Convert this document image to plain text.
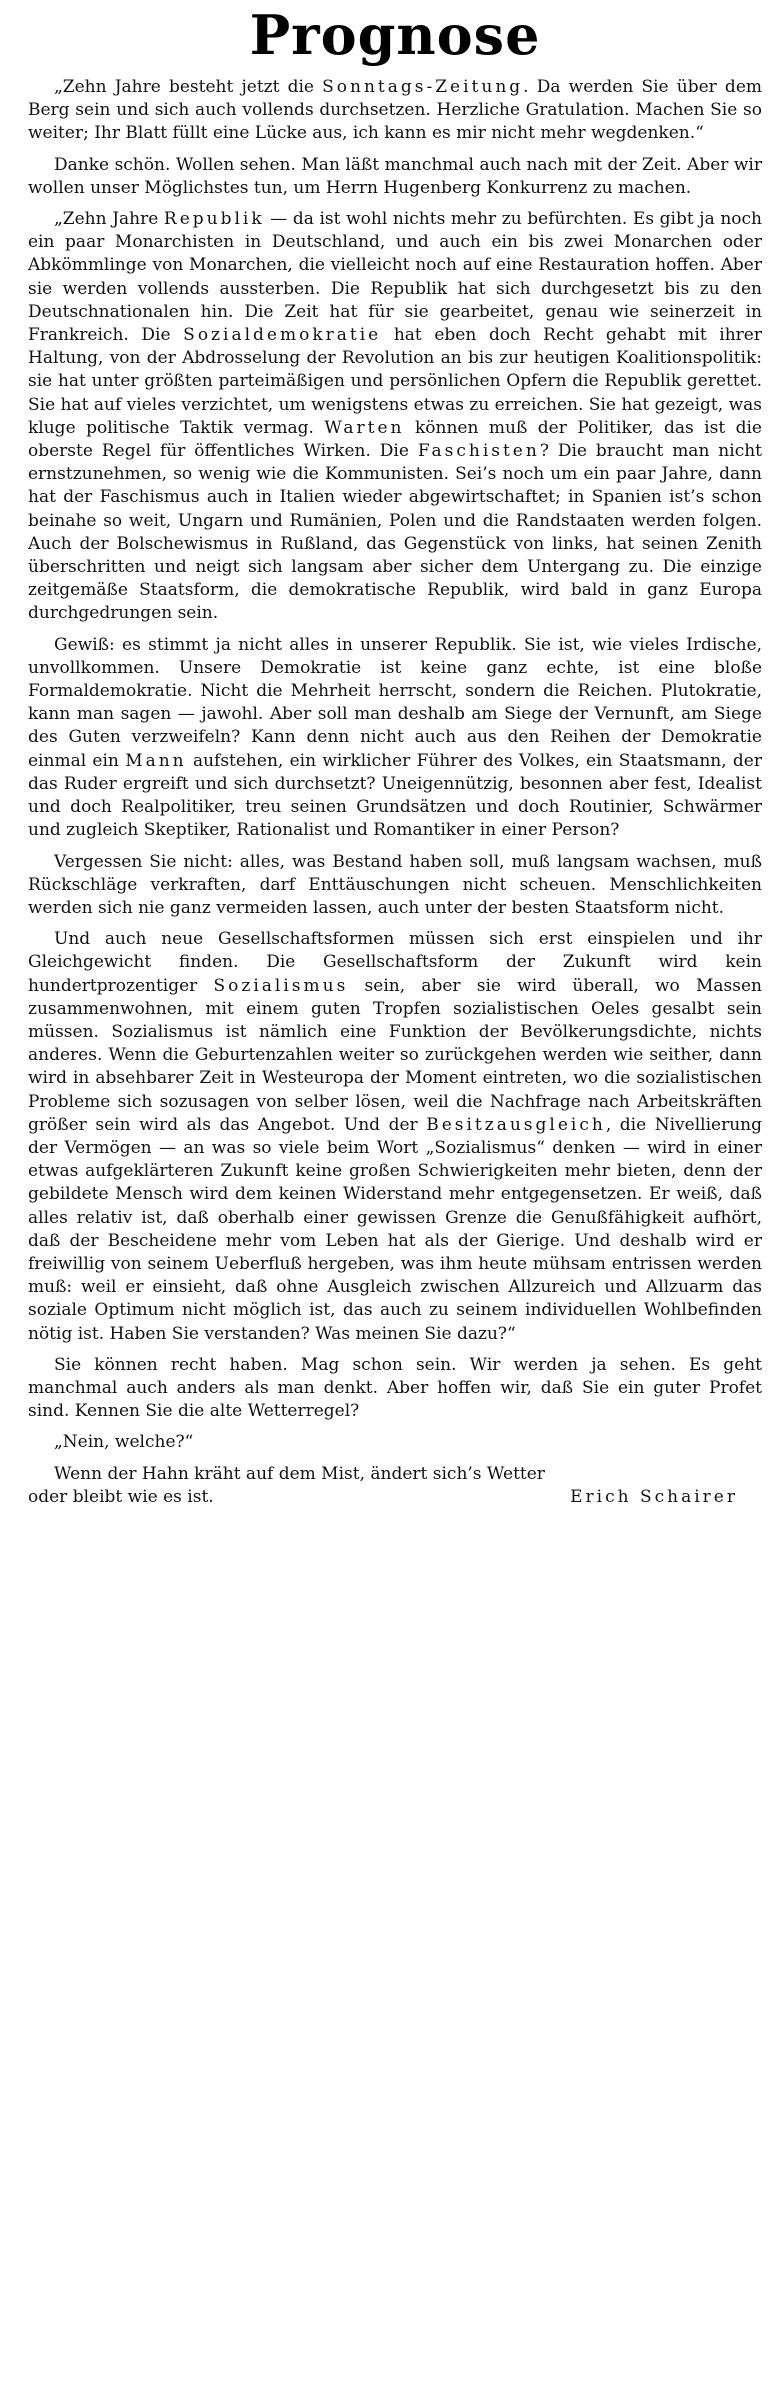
Prognose

„Zehn Jahre besteht jetzt die Sonntags-Zeitung. Da werden Sie über dem Berg sein und sich auch vollends durchsetzen. Herzliche Gratulation. Machen Sie so weiter; Ihr Blatt füllt eine Lücke aus, ich kann es mir nicht mehr wegdenken.“

Danke schön. Wollen sehen. Man läßt manchmal auch nach mit der Zeit. Aber wir wollen unser Möglichstes tun, um Herrn Hugenberg Konkurrenz zu machen.

„Zehn Jahre Republik — da ist wohl nichts mehr zu befürchten. Es gibt ja noch ein paar Monarchisten in Deutschland, und auch ein bis zwei Monarchen oder Abkömmlinge von Monarchen, die vielleicht noch auf eine Restauration hoffen. Aber sie werden vollends aussterben. Die Republik hat sich durchgesetzt bis zu den Deutschnationalen hin. Die Zeit hat für sie gearbeitet, genau wie seinerzeit in Frankreich. Die Sozialdemokratie hat eben doch Recht gehabt mit ihrer Haltung, von der Abdrosselung der Revolution an bis zur heutigen Koalitionspolitik: sie hat unter größten parteimäßigen und persönlichen Opfern die Republik gerettet. Sie hat auf vieles verzichtet, um wenigstens etwas zu erreichen. Sie hat gezeigt, was kluge politische Taktik vermag. Warten können muß der Politiker, das ist die oberste Regel für öffentliches Wirken. Die Faschisten? Die braucht man nicht ernstzunehmen, so wenig wie die Kommunisten. Sei’s noch um ein paar Jahre, dann hat der Faschismus auch in Italien wieder abgewirtschaftet; in Spanien ist’s schon beinahe so weit, Ungarn und Rumänien, Polen und die Randstaaten werden folgen. Auch der Bolschewismus in Rußland, das Gegenstück von links, hat seinen Zenith überschritten und neigt sich langsam aber sicher dem Untergang zu. Die einzige zeitgemäße Staatsform, die demokratische Republik, wird bald in ganz Europa durchgedrungen sein.

Gewiß: es stimmt ja nicht alles in unserer Republik. Sie ist, wie vieles Irdische, unvollkommen. Unsere Demokratie ist keine ganz echte, ist eine bloße Formaldemokratie. Nicht die Mehrheit herrscht, sondern die Reichen. Plutokratie, kann man sagen — jawohl. Aber soll man deshalb am Siege der Vernunft, am Siege des Guten verzweifeln? Kann denn nicht auch aus den Reihen der Demokratie einmal ein Mann aufstehen, ein wirklicher Führer des Volkes, ein Staatsmann, der das Ruder ergreift und sich durchsetzt? Uneigennützig, besonnen aber fest, Idealist und doch Realpolitiker, treu seinen Grundsätzen und doch Routinier, Schwärmer und zugleich Skeptiker, Rationalist und Romantiker in einer Person?

Vergessen Sie nicht: alles, was Bestand haben soll, muß langsam wachsen, muß Rückschläge verkraften, darf Enttäuschungen nicht scheuen. Menschlichkeiten werden sich nie ganz vermeiden lassen, auch unter der besten Staatsform nicht.

Und auch neue Gesellschaftsformen müssen sich erst einspielen und ihr Gleichgewicht finden. Die Gesellschaftsform der Zukunft wird kein hundertprozentiger Sozialismus sein, aber sie wird überall, wo Massen zusammenwohnen, mit einem guten Tropfen sozialistischen Oeles gesalbt sein müssen. Sozialismus ist nämlich eine Funktion der Bevölkerungsdichte, nichts anderes. Wenn die Geburtenzahlen weiter so zurückgehen werden wie seither, dann wird in absehbarer Zeit in Westeuropa der Moment eintreten, wo die sozialistischen Probleme sich sozusagen von selber lösen, weil die Nachfrage nach Arbeitskräften größer sein wird als das Angebot. Und der Besitzausgleich, die Nivellierung der Vermögen — an was so viele beim Wort „Sozialismus“ denken — wird in einer etwas aufgeklärteren Zukunft keine großen Schwierigkeiten mehr bieten, denn der gebildete Mensch wird dem keinen Widerstand mehr entgegensetzen. Er weiß, daß alles relativ ist, daß oberhalb einer gewissen Grenze die Genußfähigkeit aufhört, daß der Bescheidene mehr vom Leben hat als der Gierige. Und deshalb wird er freiwillig von seinem Ueberfluß hergeben, was ihm heute mühsam entrissen werden muß: weil er einsieht, daß ohne Ausgleich zwischen Allzureich und Allzuarm das soziale Optimum nicht möglich ist, das auch zu seinem individuellen Wohlbefinden nötig ist. Haben Sie verstanden? Was meinen Sie dazu?“

Sie können recht haben. Mag schon sein. Wir werden ja sehen. Es geht manchmal auch anders als man denkt. Aber hoffen wir, daß Sie ein guter Profet sind. Kennen Sie die alte Wetterregel?

„Nein, welche?“

Wenn der Hahn kräht auf dem Mist, ändert sich’s Wetter

oder bleibt wie es ist.	Erich Schairer
